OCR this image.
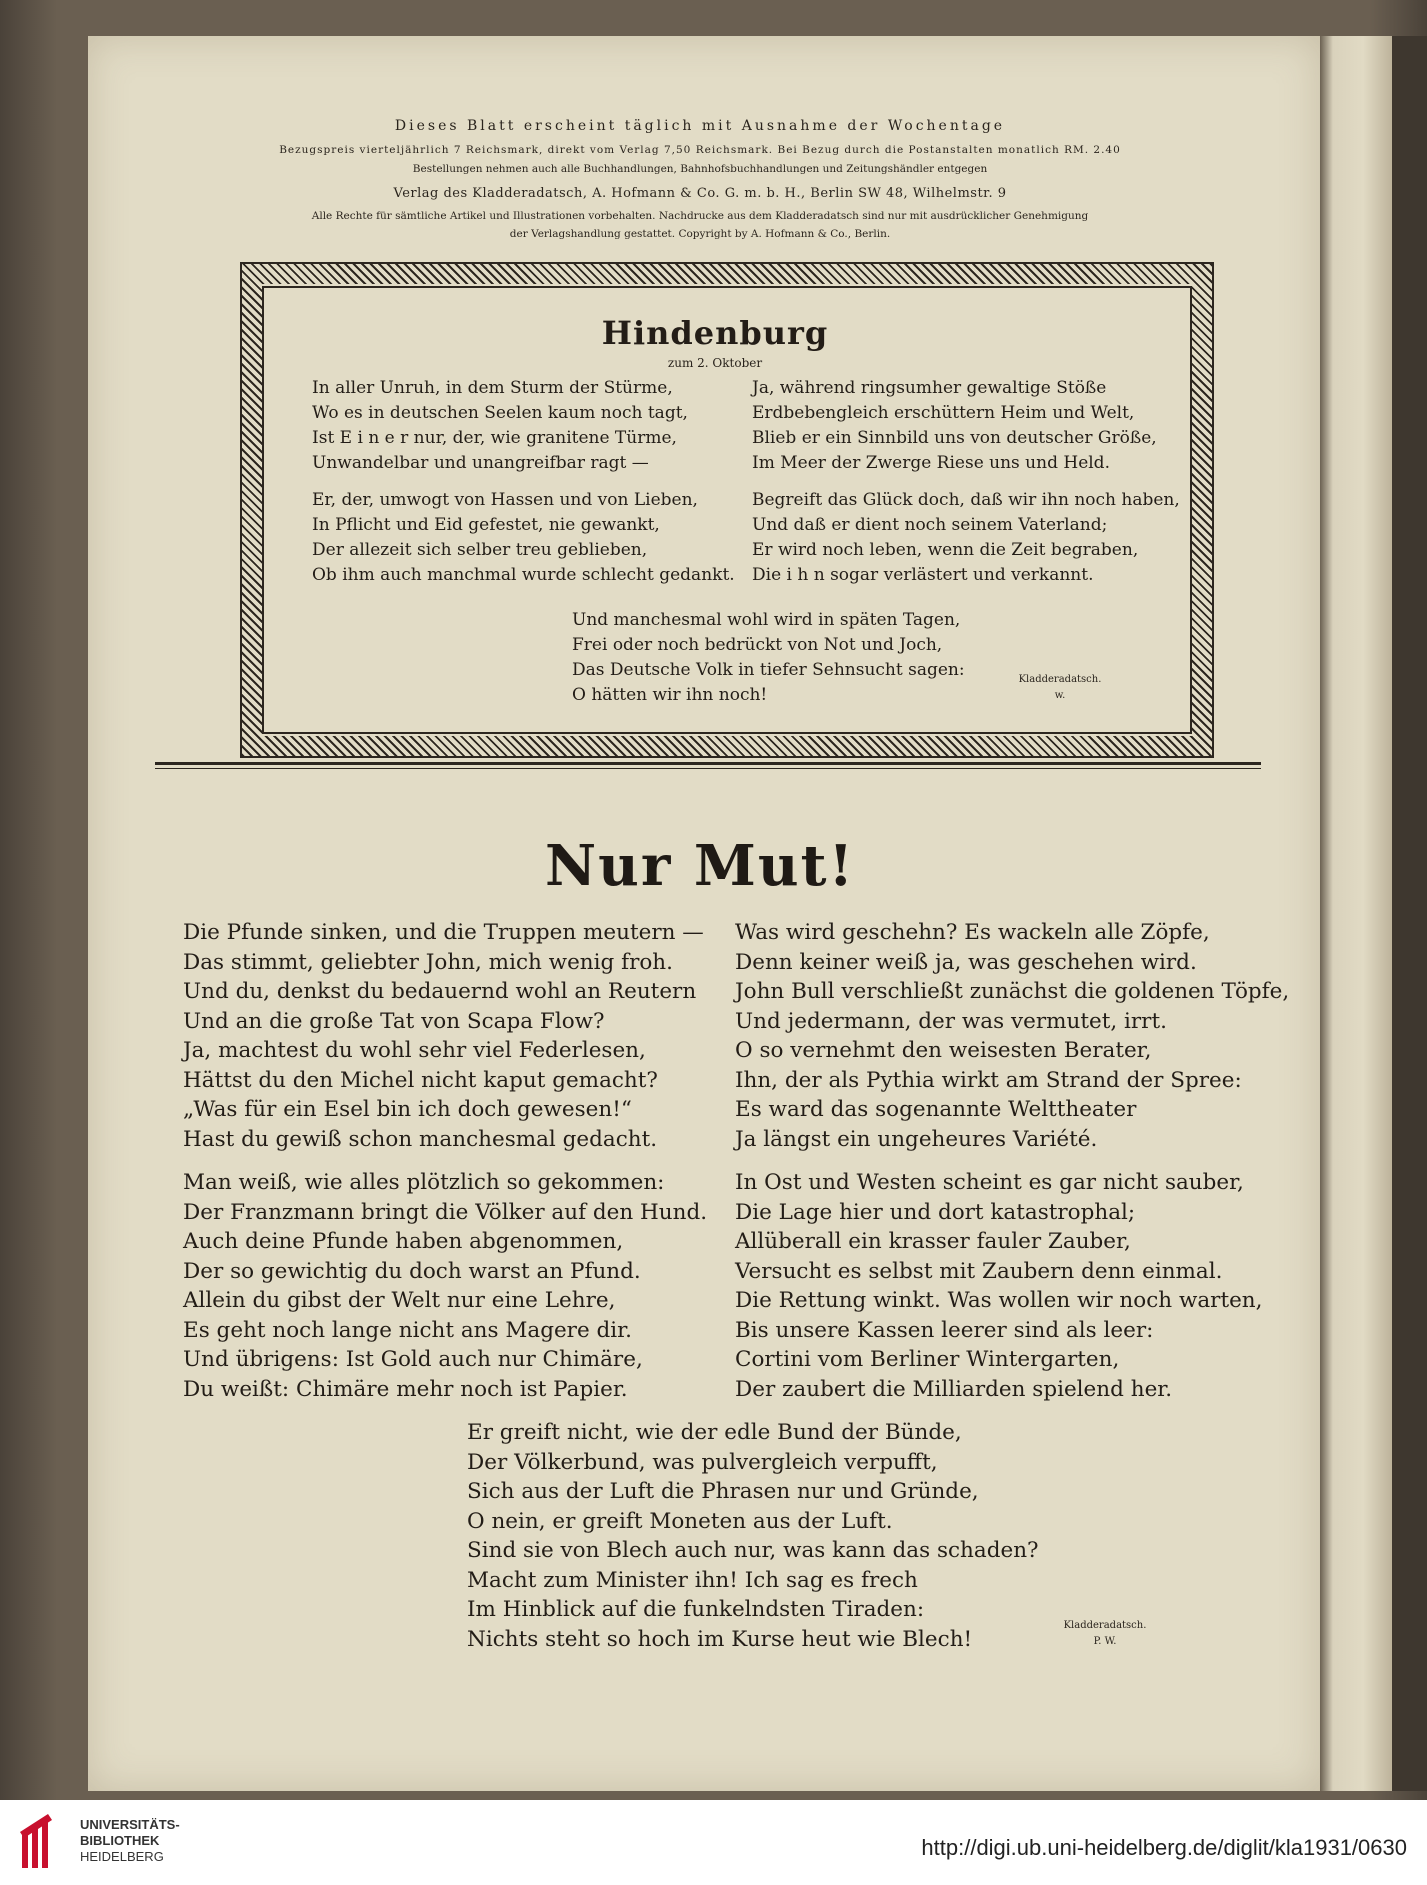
Dieses Blatt erscheint täglich mit Ausnahme der Wochentage
Bezugspreis vierteljährlich 7 Reichsmark, direkt vom Verlag 7,50 Reichsmark. Bei Bezug durch die Postanstalten monatlich RM. 2.40
Bestellungen nehmen auch alle Buchhandlungen, Bahnhofsbuchhandlungen und Zeitungshändler entgegen
Verlag des Kladderadatsch, A. Hofmann & Co. G. m. b. H., Berlin SW 48, Wilhelmstr. 9
Alle Rechte für sämtliche Artikel und Illustrationen vorbehalten. Nachdrucke aus dem Kladderadatsch sind nur mit ausdrücklicher Genehmigung
der Verlagshandlung gestattet. Copyright by A. Hofmann & Co., Berlin.
Hindenburg
zum 2. Oktober
In aller Unruh, in dem Sturm der Stürme,
Wo es in deutschen Seelen kaum noch tagt,
Ist E i n e r nur, der, wie granitene Türme,
Unwandelbar und unangreifbar ragt —
Er, der, umwogt von Hassen und von Lieben,
In Pflicht und Eid gefestet, nie gewankt,
Der allezeit sich selber treu geblieben,
Ob ihm auch manchmal wurde schlecht gedankt.
Ja, während ringsumher gewaltige Stöße
Erdbebengleich erschüttern Heim und Welt,
Blieb er ein Sinnbild uns von deutscher Größe,
Im Meer der Zwerge Riese uns und Held.
Begreift das Glück doch, daß wir ihn noch haben,
Und daß er dient noch seinem Vaterland;
Er wird noch leben, wenn die Zeit begraben,
Die i h n sogar verlästert und verkannt.
Und manchesmal wohl wird in späten Tagen,
Frei oder noch bedrückt von Not und Joch,
Das Deutsche Volk in tiefer Sehnsucht sagen:
O hätten wir ihn noch!
Kladderadatsch.
w.
Nur Mut!
Die Pfunde sinken, und die Truppen meutern —
Das stimmt, geliebter John, mich wenig froh.
Und du, denkst du bedauernd wohl an Reutern
Und an die große Tat von Scapa Flow?
Ja, machtest du wohl sehr viel Federlesen,
Hättst du den Michel nicht kaput gemacht?
„Was für ein Esel bin ich doch gewesen!“
Hast du gewiß schon manchesmal gedacht.
Man weiß, wie alles plötzlich so gekommen:
Der Franzmann bringt die Völker auf den Hund.
Auch deine Pfunde haben abgenommen,
Der so gewichtig du doch warst an Pfund.
Allein du gibst der Welt nur eine Lehre,
Es geht noch lange nicht ans Magere dir.
Und übrigens: Ist Gold auch nur Chimäre,
Du weißt: Chimäre mehr noch ist Papier.
Was wird geschehn? Es wackeln alle Zöpfe,
Denn keiner weiß ja, was geschehen wird.
John Bull verschließt zunächst die goldenen Töpfe,
Und jedermann, der was vermutet, irrt.
O so vernehmt den weisesten Berater,
Ihn, der als Pythia wirkt am Strand der Spree:
Es ward das sogenannte Welttheater
Ja längst ein ungeheures Variété.
In Ost und Westen scheint es gar nicht sauber,
Die Lage hier und dort katastrophal;
Allüberall ein krasser fauler Zauber,
Versucht es selbst mit Zaubern denn einmal.
Die Rettung winkt. Was wollen wir noch warten,
Bis unsere Kassen leerer sind als leer:
Cortini vom Berliner Wintergarten,
Der zaubert die Milliarden spielend her.
Er greift nicht, wie der edle Bund der Bünde,
Der Völkerbund, was pulvergleich verpufft,
Sich aus der Luft die Phrasen nur und Gründe,
O nein, er greift Moneten aus der Luft.
Sind sie von Blech auch nur, was kann das schaden?
Macht zum Minister ihn! Ich sag es frech
Im Hinblick auf die funkelndsten Tiraden:
Nichts steht so hoch im Kurse heut wie Blech!
Kladderadatsch.
P. W.
UNIVERSITÄTS-
BIBLIOTHEK
HEIDELBERG	http://digi.ub.uni-heidelberg.de/diglit/kla1931/0630
